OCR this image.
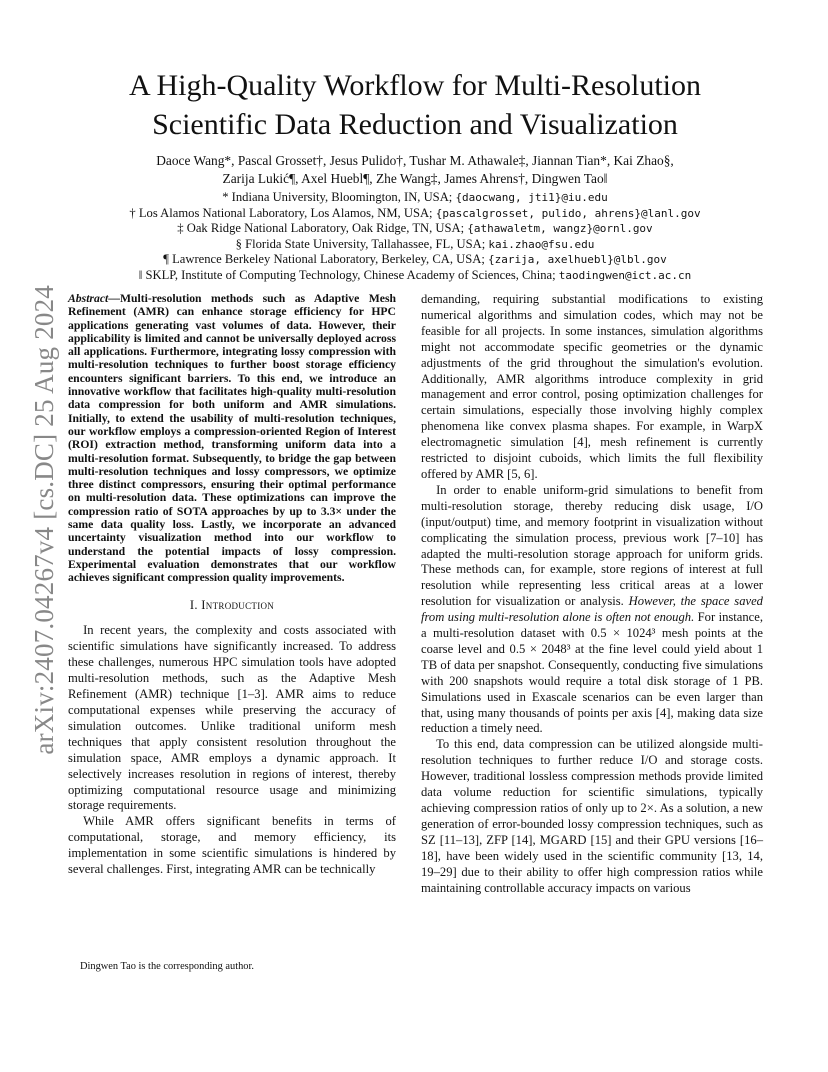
arXiv:2407.04267v4 [cs.DC] 25 Aug 2024
A High-Quality Workflow for Multi-Resolution
Scientific Data Reduction and Visualization
Daoce Wang*, Pascal Grosset†, Jesus Pulido†, Tushar M. Athawale‡, Jiannan Tian*, Kai Zhao§,
Zarija Lukić¶, Axel Huebl¶, Zhe Wang‡, James Ahrens†, Dingwen Tao‖
* Indiana University, Bloomington, IN, USA; {daocwang, jti1}@iu.edu
† Los Alamos National Laboratory, Los Alamos, NM, USA; {pascalgrosset, pulido, ahrens}@lanl.gov
‡ Oak Ridge National Laboratory, Oak Ridge, TN, USA; {athawaletm, wangz}@ornl.gov
§ Florida State University, Tallahassee, FL, USA; kai.zhao@fsu.edu
¶ Lawrence Berkeley National Laboratory, Berkeley, CA, USA; {zarija, axelhuebl}@lbl.gov
‖ SKLP, Institute of Computing Technology, Chinese Academy of Sciences, China; taodingwen@ict.ac.cn

Abstract—Multi-resolution methods such as Adaptive Mesh Refinement (AMR) can enhance storage efficiency for HPC applications generating vast volumes of data. However, their applicability is limited and cannot be universally deployed across all applications. Furthermore, integrating lossy compression with multi-resolution techniques to further boost storage efficiency encounters significant barriers. To this end, we introduce an innovative workflow that facilitates high-quality multi-resolution data compression for both uniform and AMR simulations. Initially, to extend the usability of multi-resolution techniques, our workflow employs a compression-oriented Region of Interest (ROI) extraction method, transforming uniform data into a multi-resolution format. Subsequently, to bridge the gap between multi-resolution techniques and lossy compressors, we optimize three distinct compressors, ensuring their optimal performance on multi-resolution data. These optimizations can improve the compression ratio of SOTA approaches by up to 3.3× under the same data quality loss. Lastly, we incorporate an advanced uncertainty visualization method into our workflow to understand the potential impacts of lossy compression. Experimental evaluation demonstrates that our workflow achieves significant compression quality improvements.

I. Introduction

In recent years, the complexity and costs associated with scientific simulations have significantly increased. To address these challenges, numerous HPC simulation tools have adopted multi-resolution methods, such as the Adaptive Mesh Refinement (AMR) technique [1–3]. AMR aims to reduce computational expenses while preserving the accuracy of simulation outcomes. Unlike traditional uniform mesh techniques that apply consistent resolution throughout the simulation space, AMR employs a dynamic approach. It selectively increases resolution in regions of interest, thereby optimizing computational resource usage and minimizing storage requirements.

While AMR offers significant benefits in terms of computational, storage, and memory efficiency, its implementation in some scientific simulations is hindered by several challenges. First, integrating AMR can be technically

demanding, requiring substantial modifications to existing numerical algorithms and simulation codes, which may not be feasible for all projects. In some instances, simulation algorithms might not accommodate specific geometries or the dynamic adjustments of the grid throughout the simulation's evolution. Additionally, AMR algorithms introduce complexity in grid management and error control, posing optimization challenges for certain simulations, especially those involving highly complex phenomena like convex plasma shapes. For example, in WarpX electromagnetic simulation [4], mesh refinement is currently restricted to disjoint cuboids, which limits the full flexibility offered by AMR [5, 6].

In order to enable uniform-grid simulations to benefit from multi-resolution storage, thereby reducing disk usage, I/O (input/output) time, and memory footprint in visualization without complicating the simulation process, previous work [7–10] has adapted the multi-resolution storage approach for uniform grids. These methods can, for example, store regions of interest at full resolution while representing less critical areas at a lower resolution for visualization or analysis. However, the space saved from using multi-resolution alone is often not enough. For instance, a multi-resolution dataset with 0.5 × 1024³ mesh points at the coarse level and 0.5 × 2048³ at the fine level could yield about 1 TB of data per snapshot. Consequently, conducting five simulations with 200 snapshots would require a total disk storage of 1 PB. Simulations used in Exascale scenarios can be even larger than that, using many thousands of points per axis [4], making data size reduction a timely need.

To this end, data compression can be utilized alongside multi-resolution techniques to further reduce I/O and storage costs. However, traditional lossless compression methods provide limited data volume reduction for scientific simulations, typically achieving compression ratios of only up to 2×. As a solution, a new generation of error-bounded lossy compression techniques, such as SZ [11–13], ZFP [14], MGARD [15] and their GPU versions [16–18], have been widely used in the scientific community [13, 14, 19–29] due to their ability to offer high compression ratios while maintaining controllable accuracy impacts on various

Dingwen Tao is the corresponding author.
